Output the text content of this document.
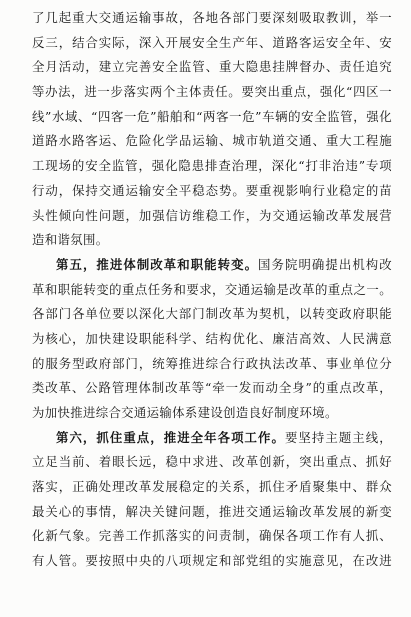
了几起重大交通运输事故，各地各部门要深刻吸取教训，举一
反三，结合实际，深入开展安全生产年、道路客运安全年、安
全月活动，建立完善安全监管、重大隐患挂牌督办、责任追究
等办法，进一步落实两个主体责任。要突出重点，强化“四区一
线”水域、“四客一危”船舶和“两客一危”车辆的安全监管，强化
道路水路客运、危险化学品运输、城市轨道交通、重大工程施
工现场的安全监管，强化隐患排查治理，深化“打非治违”专项
行动，保持交通运输安全平稳态势。要重视影响行业稳定的苗
头性倾向性问题，加强信访维稳工作，为交通运输改革发展营
造和谐氛围。
第五，推进体制改革和职能转变。国务院明确提出机构改
革和职能转变的重点任务和要求，交通运输是改革的重点之一。
各部门各单位要以深化大部门制改革为契机，以转变政府职能
为核心，加快建设职能科学、结构优化、廉洁高效、人民满意
的服务型政府部门，统筹推进综合行政执法改革、事业单位分
类改革、公路管理体制改革等“牵一发而动全身”的重点改革，
为加快推进综合交通运输体系建设创造良好制度环境。
第六，抓住重点，推进全年各项工作。要坚持主题主线，
立足当前、着眼长远，稳中求进、改革创新，突出重点、抓好
落实，正确处理改革发展稳定的关系，抓住矛盾聚集中、群众
最关心的事情，解决关键问题，推进交通运输改革发展的新变
化新气象。完善工作抓落实的问责制，确保各项工作有人抓、
有人管。要按照中央的八项规定和部党组的实施意见，在改进
